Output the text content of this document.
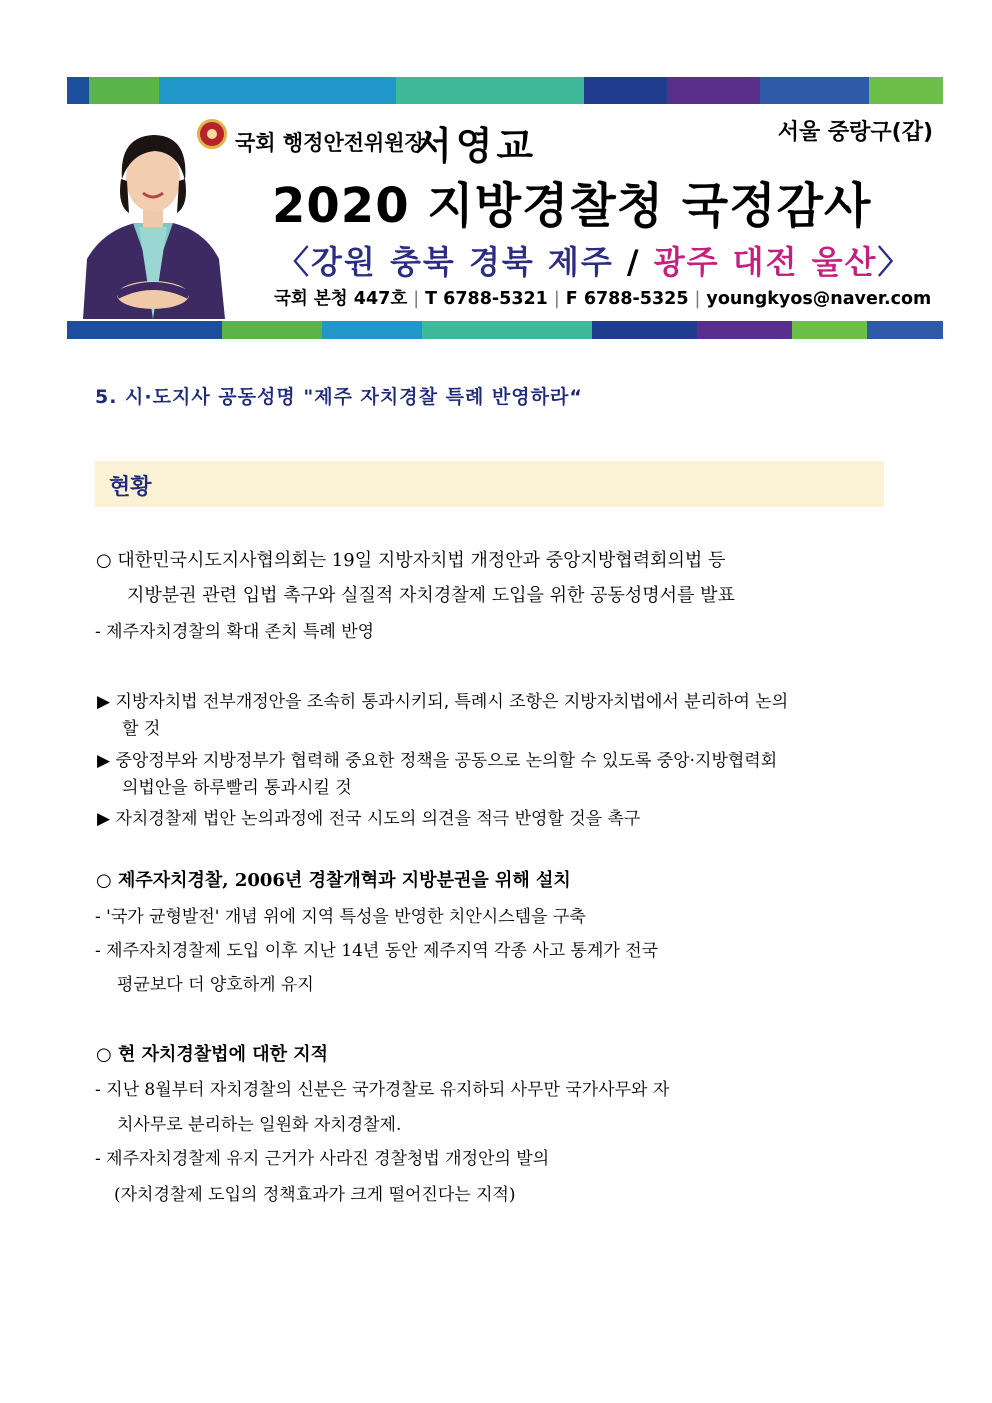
국회 행정안전위원장
서영교	서울 중랑구(갑)
2020 지방경찰청 국정감사
〈강원 충북 경북 제주 / 광주 대전 울산〉
국회 본청 447호 | T 6788-5321 | F 6788-5325 | youngkyos@naver.com
5. 시·도지사 공동성명 "제주 자치경찰 특례 반영하라“
현황
○ 대한민국시도지사협의회는 19일 지방자치법 개정안과 중앙지방협력회의법 등
지방분권 관련 입법 촉구와 실질적 자치경찰제 도입을 위한 공동성명서를 발표
- 제주자치경찰의 확대 존치 특례 반영
▶ 지방자치법 전부개정안을 조속히 통과시키되, 특례시 조항은 지방자치법에서 분리하여 논의
할 것
▶ 중앙정부와 지방정부가 협력해 중요한 정책을 공동으로 논의할 수 있도록 중앙·지방협력회
의법안을 하루빨리 통과시킬 것
▶ 자치경찰제 법안 논의과정에 전국 시도의 의견을 적극 반영할 것을 촉구
○ 제주자치경찰, 2006년 경찰개혁과 지방분권을 위해 설치
- '국가 균형발전' 개념 위에 지역 특성을 반영한 치안시스템을 구축
- 제주자치경찰제 도입 이후 지난 14년 동안 제주지역 각종 사고 통계가 전국
평균보다 더 양호하게 유지
○ 현 자치경찰법에 대한 지적
- 지난 8월부터 자치경찰의 신분은 국가경찰로 유지하되 사무만 국가사무와 자
치사무로 분리하는 일원화 자치경찰제.
- 제주자치경찰제 유지 근거가 사라진 경찰청법 개정안의 발의
(자치경찰제 도입의 정책효과가 크게 떨어진다는 지적)
